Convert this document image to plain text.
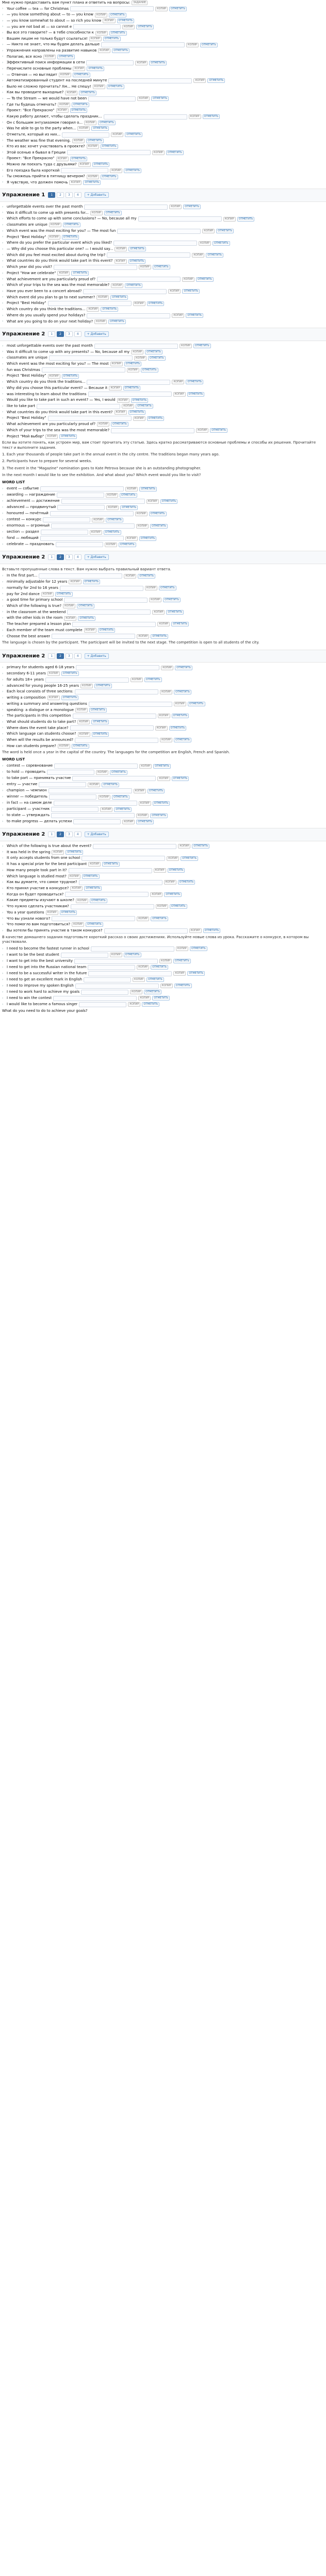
Мне нужно предоставить вам пункт плана и ответить на вопросы:	ЗАДАНИЕ
› Your coffee — tea — for Christmas	КОПИР	ОТМЕТИТЬ
› — you know something about — to — you know	КОПИР	ОТМЕТИТЬ
› — you know somewhat to about — so rich you know	КОПИР	ОТМЕТИТЬ
› — you are not bad at — so cannot e	КОПИР	ОТМЕТИТЬ
› Вы все это говорите? — в тебе способности к	КОПИР	ОТМЕТИТЬ
› Вашим лицом не только будут ссылаться!	КОПИР	ОТМЕТИТЬ
› — Никто не знает, что мы будем делать дальше	КОПИР	ОТМЕТИТЬ
› Упражнения направлены на развитие навыков	КОПИР	ОТМЕТИТЬ
› Полагаю, все ясно	КОПИР	ОТМЕТИТЬ
› Эффективный поиск информации в сети	КОПИР	ОТМЕТИТЬ
› Перечислите основные проблемы	КОПИР	ОТМЕТИТЬ
› — Отвечая — но выглядит	КОПИР	ОТМЕТИТЬ
› Автоматизированный студент на последней минуте	КОПИР	ОТМЕТИТЬ
› Было не сложно прочитать? Хм... Не спешу!	КОПИР	ОТМЕТИТЬ
› Как вы проводите выходные?	КОПИР	ОТМЕТИТЬ
› — To the Stream — we would have not been	КОПИР	ОТМЕТИТЬ
› Где ты будешь отмечать?	КОПИР	ОТМЕТИТЬ
› Проект: "Все Прекрасно"	КОПИР	ОТМЕТИТЬ
› Какую работу делают, чтобы сделать праздник...	КОПИР	ОТМЕТИТЬ
› Он с большим энтузиазмом говорил о...	КОПИР	ОТМЕТИТЬ
› Was he able to go to the party when...	КОПИР	ОТМЕТИТЬ
› Отметьте, который из них...	КОПИР	ОТМЕТИТЬ
› The weather was fine that evening.	КОПИР	ОТМЕТИТЬ
› Кто из вас хочет участвовать в проекте?	КОПИР	ОТМЕТИТЬ
› Этой осенью я бывал в Греции	КОПИР	ОТМЕТИТЬ
› Проект: "Все Прекрасно"	КОПИР	ОТМЕТИТЬ
› Можно ли поехать туда с друзьями?	КОПИР	ОТМЕТИТЬ
› Его поездка была короткой	КОПИР	ОТМЕТИТЬ
› Ты сможешь прийти в пятницу вечером?	КОПИР	ОТМЕТИТЬ
› Я чувствую, что должен помочь	КОПИР	ОТМЕТИТЬ
Упражнение 1	1	2	3	4	+ Добавить
› unforgettable events over the past month	КОПИР	ОТМЕТИТЬ
› Was it difficult to come up with presents for...	КОПИР	ОТМЕТИТЬ
› Which efforts to come up with some conclusions? — No, because all my	КОПИР	ОТМЕТИТЬ
› classmates are unique	КОПИР	ОТМЕТИТЬ
› Which event was the most exciting for you? — The most fun	КОПИР	ОТМЕТИТЬ
› Project "Best Holiday"	КОПИР	ОТМЕТИТЬ
› Where do you prefer the particular event which you liked?	КОПИР	ОТМЕТИТЬ
› — Why did you choose this particular one? — I would say...	КОПИР	ОТМЕТИТЬ
› Which did you feel most excited about during the trip?	КОПИР	ОТМЕТИТЬ
› What countries do you think would take part in this event?	КОПИР	ОТМЕТИТЬ
› Which year did you visit?	КОПИР	ОТМЕТИТЬ
› Project "How we celebrate"	КОПИР	ОТМЕТИТЬ
› What achievement are you particularly proud of?	КОПИР	ОТМЕТИТЬ
› Which of your trips to the sea was the most memorable?	КОПИР	ОТМЕТИТЬ
› Have you ever been to a concert abroad?	КОПИР	ОТМЕТИТЬ
› Which event did you plan to go to next summer?	КОПИР	ОТМЕТИТЬ
› Project "Best Holiday"	КОПИР	ОТМЕТИТЬ
› Which country do you think the traditions...	КОПИР	ОТМЕТИТЬ
› Where do you usually spend your holidays?	КОПИР	ОТМЕТИТЬ
› What are you going to do on your next holiday?	КОПИР	ОТМЕТИТЬ
Упражнение 2	1	2	3	4	+ Добавить
› most unforgettable events over the past month	КОПИР	ОТМЕТИТЬ
› Was it difficult to come up with any presents? — No, because all my	КОПИР	ОТМЕТИТЬ
› classmates are unique	КОПИР	ОТМЕТИТЬ
› Which event was the most exciting for you? — The most	КОПИР	ОТМЕТИТЬ
› fun was Christmas	КОПИР	ОТМЕТИТЬ
› Project "Best Holiday"	КОПИР	ОТМЕТИТЬ
› Which country do you think the traditions...	КОПИР	ОТМЕТИТЬ
› Why did you choose this particular event? — Because it	КОПИР	ОТМЕТИТЬ
› was interesting to learn about the traditions	КОПИР	ОТМЕТИТЬ
› Would you like to take part in such an event? — Yes, I would	КОПИР	ОТМЕТИТЬ
› like to take part	КОПИР	ОТМЕТИТЬ
› What countries do you think would take part in this event?	КОПИР	ОТМЕТИТЬ
› Project "Best Holiday"	КОПИР	ОТМЕТИТЬ
› What achievement are you particularly proud of?	КОПИР	ОТМЕТИТЬ
› Which of your trips to the sea was the most memorable?	КОПИР	ОТМЕТИТЬ
› Project "Мой выбор"	КОПИР	ОТМЕТИТЬ
Если вы хотите понять, как устроен мир, вам стоит прочитать эту статью. Здесь кратко рассматриваются основные проблемы и способы их решения. Прочитайте текст и выполните задания.
1. Each year thousands of people take part in the annual event in the city centre. The traditions began many years ago.
2. Participants have to prepare for several weeks.
3. The event in the "Magazine" nomination goes to Kate Petrova because she is an outstanding photographer.
In the next month I would like to see the exhibition. And what about you? Which event would you like to visit?
WORD LIST
› event — событие	КОПИР	ОТМЕТИТЬ
› awarding — награждение	КОПИР	ОТМЕТИТЬ
› achievement — достижение	КОПИР	ОТМЕТИТЬ
› advanced — продвинутый	КОПИР	ОТМЕТИТЬ
› honoured — почётный	КОПИР	ОТМЕТИТЬ
› contest — конкурс	КОПИР	ОТМЕТИТЬ
› enormous — огромный	КОПИР	ОТМЕТИТЬ
› section — раздел	КОПИР	ОТМЕТИТЬ
› fond — любящий	КОПИР	ОТМЕТИТЬ
› celebrate — праздновать	КОПИР	ОТМЕТИТЬ
Упражнение 2	1	2	3	4	+ Добавить
Вставьте пропущенные слова в текст. Вам нужно выбрать правильный вариант ответа.
› In the first part...	КОПИР	ОТМЕТИТЬ
› minimally adjustable for 12 years	КОПИР	ОТМЕТИТЬ
› normally for 2nd to 16 years	КОПИР	ОТМЕТИТЬ
› pay for 2nd dance	КОПИР	ОТМЕТИТЬ
› a good time for primary school	КОПИР	ОТМЕТИТЬ
› Which of the following is true?	КОПИР	ОТМЕТИТЬ
› in the classroom at the weekend	КОПИР	ОТМЕТИТЬ
› with the other kids in the room	КОПИР	ОТМЕТИТЬ
› The teacher prepared a lesson plan	КОПИР	ОТМЕТИТЬ
› Each member of the team must complete	КОПИР	ОТМЕТИТЬ
› Choose the best answer	КОПИР	ОТМЕТИТЬ
The language is chosen by the participant. The participant will be invited to the next stage. The competition is open to all students of the city.
Упражнение 2	1	2	3	4	+ Добавить
› primary for students aged 6-18 years	КОПИР	ОТМЕТИТЬ
› secondary 6-11 years	КОПИР	ОТМЕТИТЬ
› for adults 18+ years	КОПИР	ОТМЕТИТЬ
› advanced for young people 16-25 years	КОПИР	ОТМЕТИТЬ
› Each local consists of three sections:	КОПИР	ОТМЕТИТЬ
› writing a composition	КОПИР	ОТМЕТИТЬ
› writing a summary and answering questions	КОПИР	ОТМЕТИТЬ
› speaking: a dialogue or a monologue	КОПИР	ОТМЕТИТЬ
› The participants in this competition	КОПИР	ОТМЕТИТЬ
› What should students do to take part?	КОПИР	ОТМЕТИТЬ
› Where does the event take place?	КОПИР	ОТМЕТИТЬ
› Which language can students choose?	КОПИР	ОТМЕТИТЬ
› When will the results be announced?	КОПИР	ОТМЕТИТЬ
› How can students prepare?	КОПИР	ОТМЕТИТЬ
The word is held once a year in the capital of the country. The languages for the competition are English, French and Spanish.
WORD LIST
› contest — соревнование	КОПИР	ОТМЕТИТЬ
› to hold — проводить	КОПИР	ОТМЕТИТЬ
› to take part — принимать участие	КОПИР	ОТМЕТИТЬ
› entry — участие	КОПИР	ОТМЕТИТЬ
› champion — чемпион	КОПИР	ОТМЕТИТЬ
› winner — победитель	КОПИР	ОТМЕТИТЬ
› in fact — на самом деле	КОПИР	ОТМЕТИТЬ
› participant — участник	КОПИР	ОТМЕТИТЬ
› to state — утверждать	КОПИР	ОТМЕТИТЬ
› to make progress — делать успехи	КОПИР	ОТМЕТИТЬ
Упражнение 2	1	2	3	4	+ Добавить
› Which of the following is true about the event?	КОПИР	ОТМЕТИТЬ
› It was held in the spring	КОПИР	ОТМЕТИТЬ
› It only accepts students from one school	КОПИР	ОТМЕТИТЬ
› It has a special prize for the best participant	КОПИР	ОТМЕТИТЬ
› How many people took part in it?	КОПИР	ОТМЕТИТЬ
› Which language is studied most?	КОПИР	ОТМЕТИТЬ
› Как вы думаете, что самое трудное?	КОПИР	ОТМЕТИТЬ
› Кто принял участие в конкурсе?	КОПИР	ОТМЕТИТЬ
› Когда он будет проводиться?	КОПИР	ОТМЕТИТЬ
› Какие предметы изучают в школе?	КОПИР	ОТМЕТИТЬ
› Что нужно сделать участникам?	КОПИР	ОТМЕТИТЬ
› You a year questions	КОПИР	ОТМЕТИТЬ
› Что вы узнали нового?	КОПИР	ОТМЕТИТЬ
› Что помогло вам подготовиться?	КОПИР	ОТМЕТИТЬ
› Вы хотели бы принять участие в таком конкурсе?	КОПИР	ОТМЕТИТЬ
В качестве домашнего задания подготовьте короткий рассказ о своих достижениях. Используйте новые слова из урока. Расскажите о конкурсе, в котором вы участвовали.
› I need to become the fastest runner in school	КОПИР	ОТМЕТИТЬ
› I want to be the best student	КОПИР	ОТМЕТИТЬ
› I want to get into the best university	КОПИР	ОТМЕТИТЬ
› I need to get into the Russian national team	КОПИР	ОТМЕТИТЬ
› I need to be a successful writer in the future	КОПИР	ОТМЕТИТЬ
› I need to get an excellent mark in English	КОПИР	ОТМЕТИТЬ
› I need to improve my spoken English	КОПИР	ОТМЕТИТЬ
› I need to work hard to achieve my goals	КОПИР	ОТМЕТИТЬ
› I need to win the contest	КОПИР	ОТМЕТИТЬ
› I would like to become a famous singer	КОПИР	ОТМЕТИТЬ
What do you need to do to achieve your goals?
